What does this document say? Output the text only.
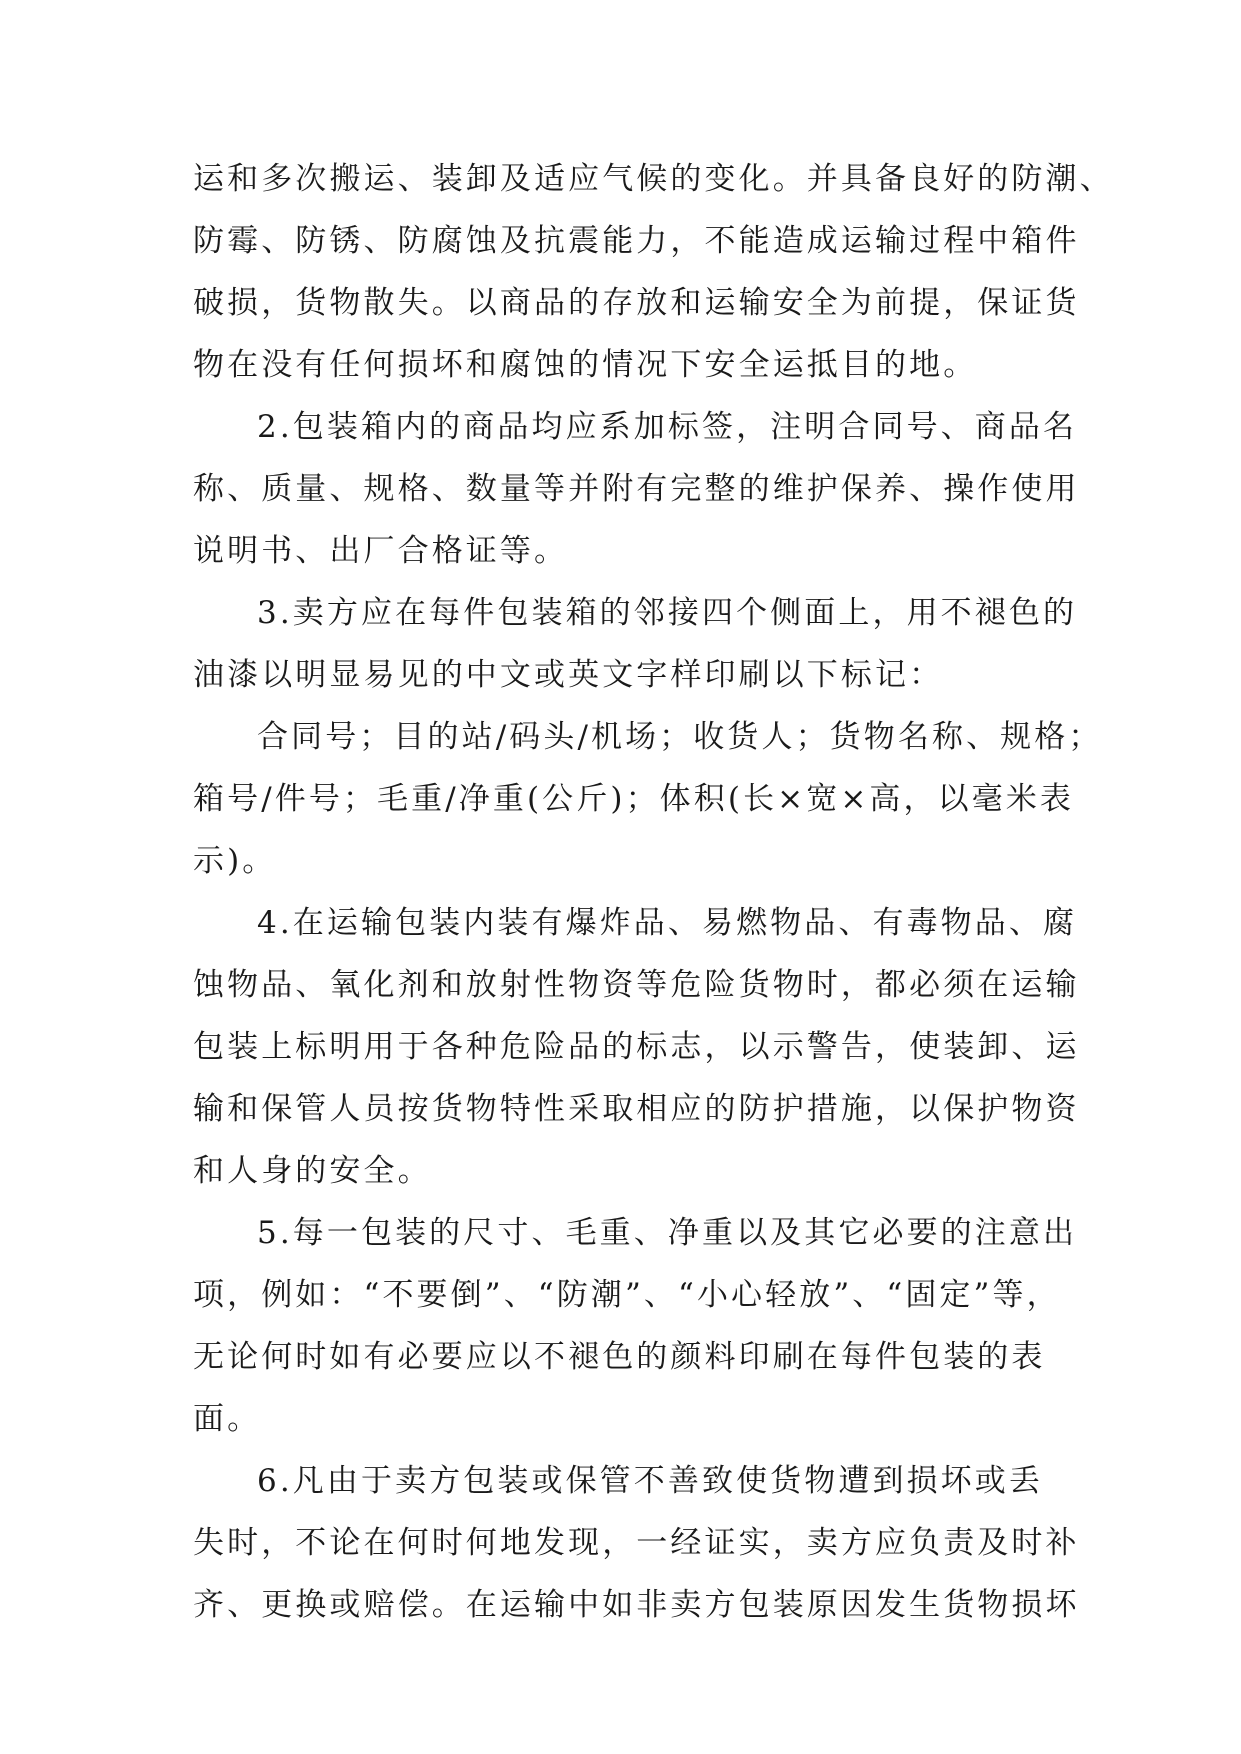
运和多次搬运、装卸及适应气候的变化。并具备良好的防潮、
防霉、防锈、防腐蚀及抗震能力，不能造成运输过程中箱件
破损，货物散失。以商品的存放和运输安全为前提，保证货
物在没有任何损坏和腐蚀的情况下安全运抵目的地。
2.包装箱内的商品均应系加标签，注明合同号、商品名
称、质量、规格、数量等并附有完整的维护保养、操作使用
说明书、出厂合格证等。
3.卖方应在每件包装箱的邻接四个侧面上，用不褪色的
油漆以明显易见的中文或英文字样印刷以下标记：
合同号；目的站/码头/机场；收货人；货物名称、规格；
箱号/件号；毛重/净重(公斤)；体积(长×宽×高，以毫米表
示)。
4.在运输包装内装有爆炸品、易燃物品、有毒物品、腐
蚀物品、氧化剂和放射性物资等危险货物时，都必须在运输
包装上标明用于各种危险品的标志，以示警告，使装卸、运
输和保管人员按货物特性采取相应的防护措施，以保护物资
和人身的安全。
5.每一包装的尺寸、毛重、净重以及其它必要的注意出
项，例如：“不要倒”、“防潮”、“小心轻放”、“固定”等，
无论何时如有必要应以不褪色的颜料印刷在每件包装的表
面。
6.凡由于卖方包装或保管不善致使货物遭到损坏或丢
失时，不论在何时何地发现，一经证实，卖方应负责及时补
齐、更换或赔偿。在运输中如非卖方包装原因发生货物损坏
